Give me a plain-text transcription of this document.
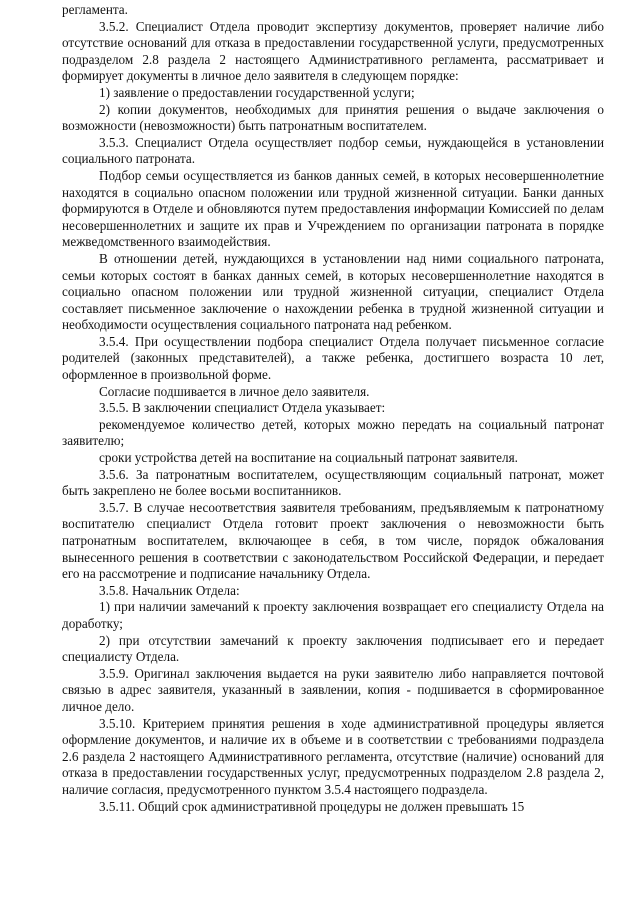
регламента.

3.5.2. Специалист Отдела проводит экспертизу документов, проверяет наличие либо отсутствие оснований для отказа в предоставлении государственной услуги, предусмотренных подразделом 2.8 раздела 2 настоящего Административного регламента, рассматривает и формирует документы в личное дело заявителя в следующем порядке:

1) заявление о предоставлении государственной услуги;

2) копии документов, необходимых для принятия решения о выдаче заключения о возможности (невозможности) быть патронатным воспитателем.

3.5.3. Специалист Отдела осуществляет подбор семьи, нуждающейся в установлении социального патроната.

Подбор семьи осуществляется из банков данных семей, в которых несовершеннолетние находятся в социально опасном положении или трудной жизненной ситуации. Банки данных формируются в Отделе и обновляются путем предоставления информации Комиссией по делам несовершеннолетних и защите их прав и Учреждением по организации патроната в порядке межведомственного взаимодействия.

В отношении детей, нуждающихся в установлении над ними социального патроната, семьи которых состоят в банках данных семей, в которых несовершеннолетние находятся в социально опасном положении или трудной жизненной ситуации, специалист Отдела составляет письменное заключение о нахождении ребенка в трудной жизненной ситуации и необходимости осуществления социального патроната над ребенком.

3.5.4. При осуществлении подбора специалист Отдела получает письменное согласие родителей (законных представителей), а также ребенка, достигшего возраста 10 лет, оформленное в произвольной форме.

Согласие подшивается в личное дело заявителя.

3.5.5. В заключении специалист Отдела указывает:

рекомендуемое количество детей, которых можно передать на социальный патронат заявителю;

сроки устройства детей на воспитание на социальный патронат заявителя.

3.5.6. За патронатным воспитателем, осуществляющим социальный патронат, может быть закреплено не более восьми воспитанников.

3.5.7. В случае несоответствия заявителя требованиям, предъявляемым к патронатному воспитателю специалист Отдела готовит проект заключения о невозможности быть патронатным воспитателем, включающее в себя, в том числе, порядок обжалования вынесенного решения в соответствии с законодательством Российской Федерации, и передает его на рассмотрение и подписание начальнику Отдела.

3.5.8. Начальник Отдела:

1) при наличии замечаний к проекту заключения возвращает его специалисту Отдела на доработку;

2) при отсутствии замечаний к проекту заключения подписывает его и передает специалисту Отдела.

3.5.9. Оригинал заключения выдается на руки заявителю либо направляется почтовой связью в адрес заявителя, указанный в заявлении, копия - подшивается в сформированное личное дело.

3.5.10. Критерием принятия решения в ходе административной процедуры является оформление документов, и наличие их в объеме и в соответствии с требованиями подраздела 2.6 раздела 2 настоящего Административного регламента, отсутствие (наличие) оснований для отказа в предоставлении государственных услуг, предусмотренных подразделом 2.8 раздела 2, наличие согласия, предусмотренного пунктом 3.5.4 настоящего подраздела.

3.5.11. Общий срок административной процедуры не должен превышать 15
